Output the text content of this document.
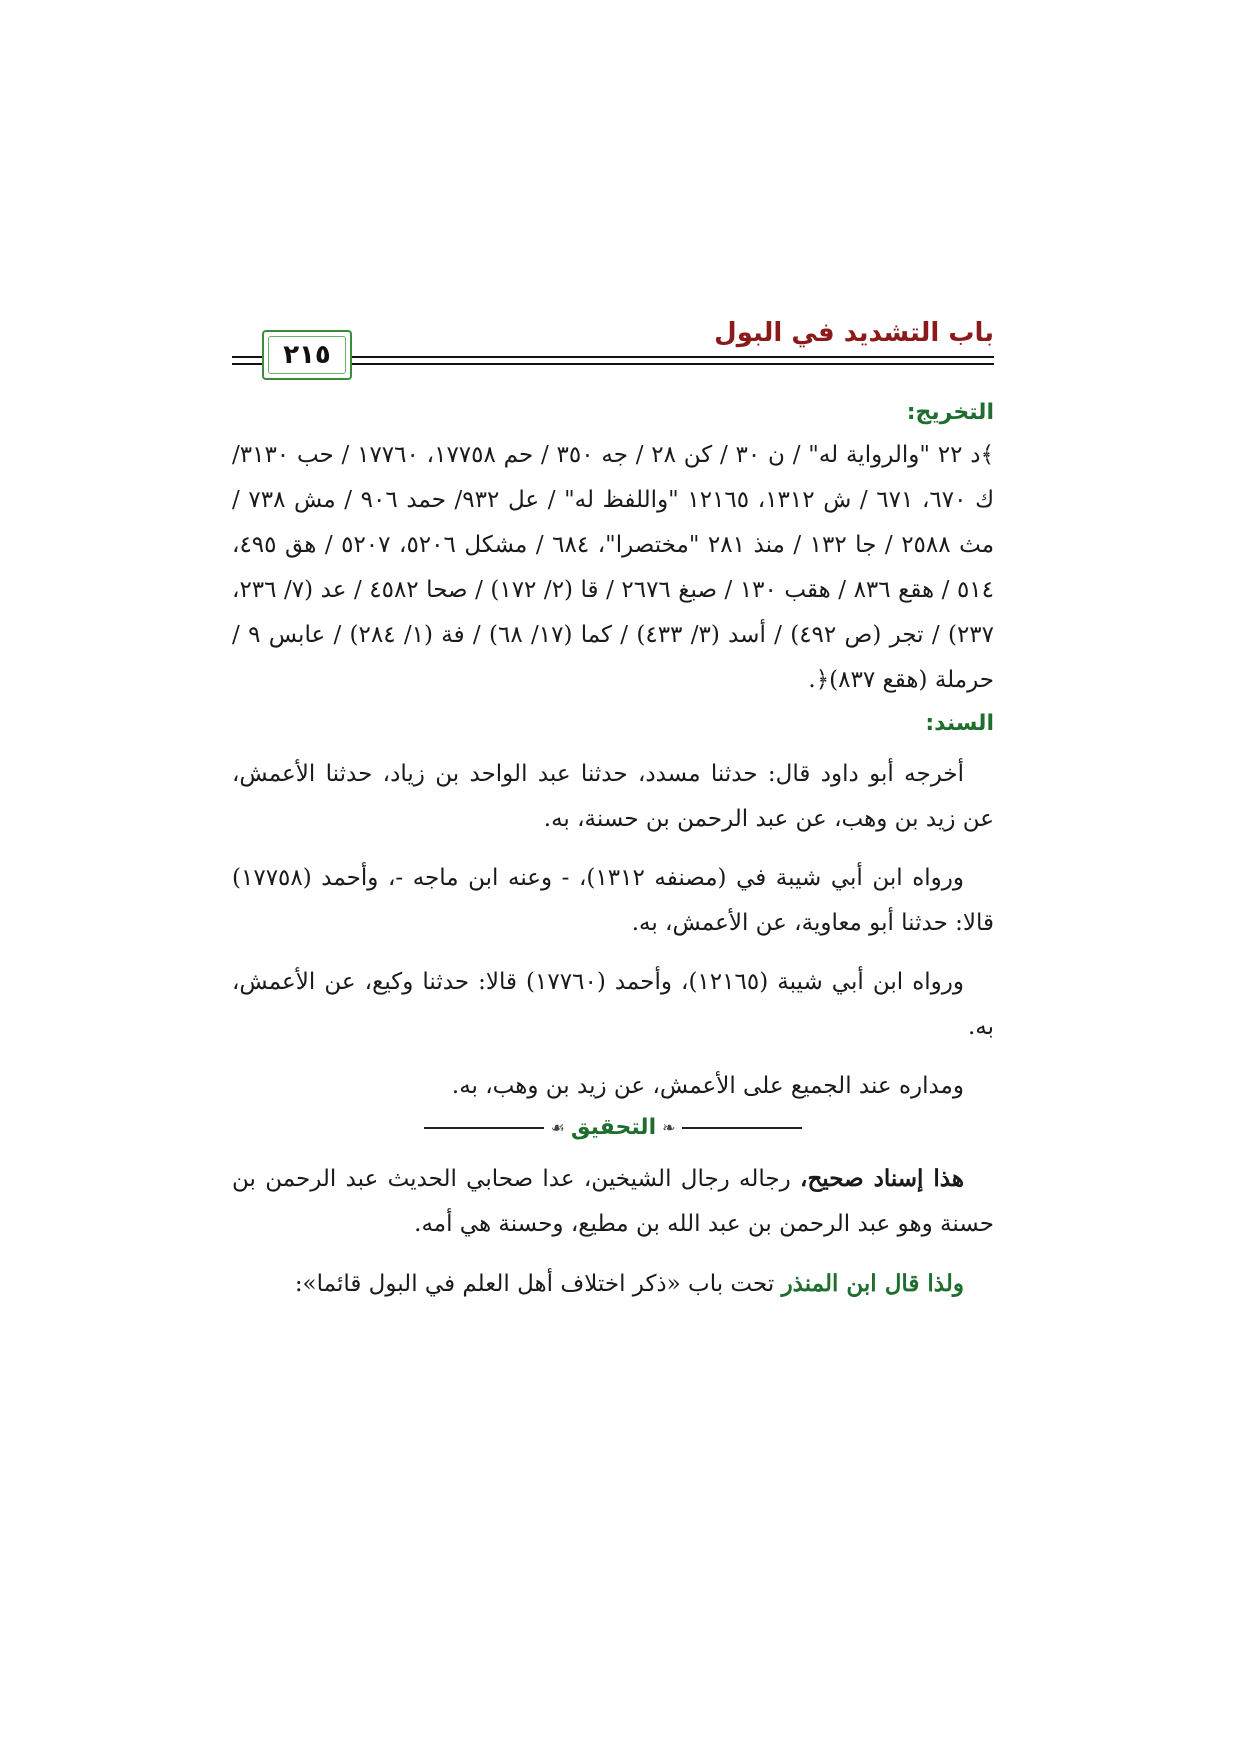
باب التشديد في البول
٢١٥
التخريج:

﴾د ٢٢ "والرواية له" / ن ٣٠ / كن ٢٨ / جه ٣٥٠ / حم ١٧٧٥٨، ١٧٧٦٠ / حب ٣١٣٠/ ك ٦٧٠، ٦٧١ / ش ١٣١٢، ١٢١٦٥ "واللفظ له" / عل ٩٣٢/ حمد ٩٠٦ / مش ٧٣٨ / مث ٢٥٨٨ / جا ١٣٢ / منذ ٢٨١ "مختصرا"، ٦٨٤ / مشكل ٥٢٠٦، ٥٢٠٧ / هق ٤٩٥، ٥١٤ / هقع ٨٣٦ / هقب ١٣٠ / صبغ ٢٦٧٦ / قا (٢/ ١٧٢) / صحا ٤٥٨٢ / عد (٧/ ٢٣٦، ٢٣٧) / تجر (ص ٤٩٢) / أسد (٣/ ٤٣٣) / كما (١٧/ ٦٨) / فة (١/ ٢٨٤) / عابس ٩ / حرملة (هقع ٨٣٧)﴿.

السند:

أخرجه أبو داود قال: حدثنا مسدد، حدثنا عبد الواحد بن زياد، حدثنا الأعمش، عن زيد بن وهب، عن عبد الرحمن بن حسنة، به.

ورواه ابن أبي شيبة في (مصنفه ١٣١٢)، - وعنه ابن ماجه -، وأحمد (١٧٧٥٨) قالا: حدثنا أبو معاوية، عن الأعمش، به.

ورواه ابن أبي شيبة (١٢١٦٥)، وأحمد (١٧٧٦٠) قالا: حدثنا وكيع، عن الأعمش، به.

ومداره عند الجميع على الأعمش، عن زيد بن وهب، به.

❧
التحقيق
☙

هذا إسناد صحيح، رجاله رجال الشيخين، عدا صحابي الحديث عبد الرحمن بن حسنة وهو عبد الرحمن بن عبد الله بن مطيع، وحسنة هي أمه.

ولذا قال ابن المنذر تحت باب «ذكر اختلاف أهل العلم في البول قائما»:
